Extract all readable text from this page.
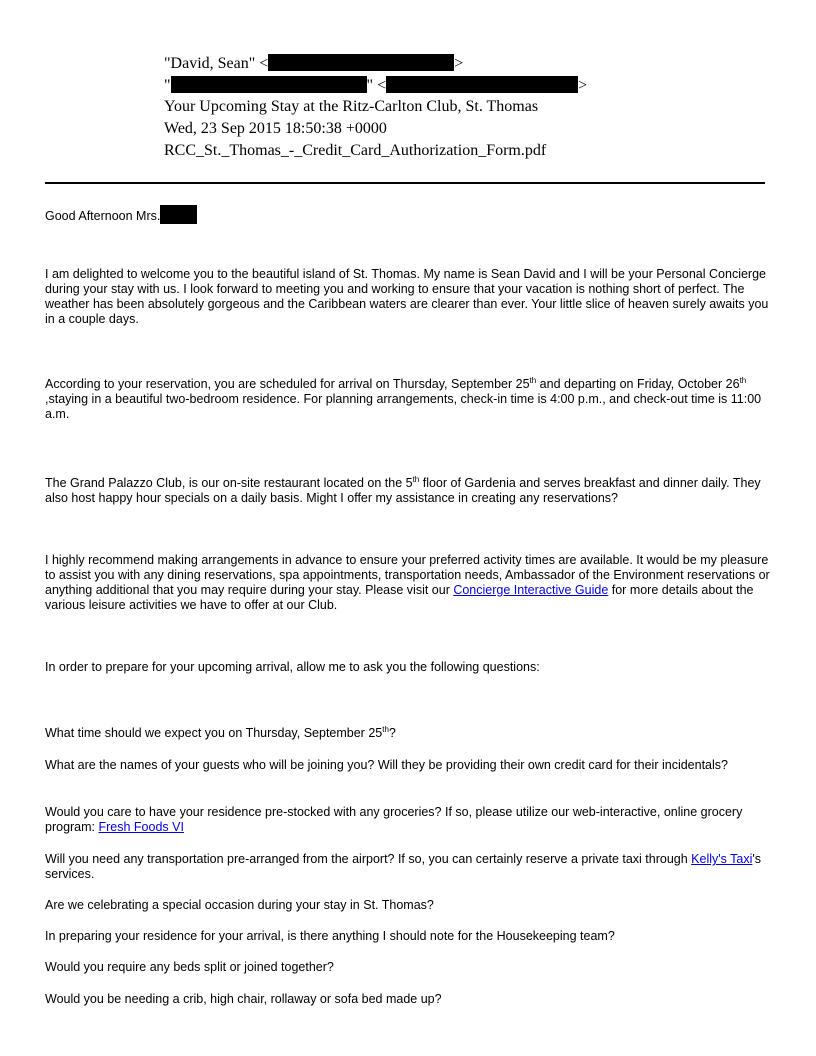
"David, Sean" <	>
"	" <	>
Your Upcoming Stay at the Ritz-Carlton Club, St. Thomas
Wed, 23 Sep 2015 18:50:38 +0000
RCC_St._Thomas_-_Credit_Card_Authorization_Form.pdf
Good Afternoon Mrs.
I am delighted to welcome you to the beautiful island of St. Thomas. My name is Sean David and I will be your Personal Concierge during your stay with us. I look forward to meeting you and working to ensure that your vacation is nothing short of perfect. The weather has been absolutely gorgeous and the Caribbean waters are clearer than ever. Your little slice of heaven surely awaits you in a couple days.
According to your reservation, you are scheduled for arrival on Thursday, September 25th and departing on Friday, October 26th ,staying in a beautiful two-bedroom residence. For planning arrangements, check-in time is 4:00 p.m., and check-out time is 11:00 a.m.
The Grand Palazzo Club, is our on-site restaurant located on the 5th floor of Gardenia and serves breakfast and dinner daily. They also host happy hour specials on a daily basis. Might I offer my assistance in creating any reservations?
I highly recommend making arrangements in advance to ensure your preferred activity times are available. It would be my pleasure to assist you with any dining reservations, spa appointments, transportation needs, Ambassador of the Environment reservations or anything additional that you may require during your stay. Please visit our Concierge Interactive Guide for more details about the various leisure activities we have to offer at our Club.
In order to prepare for your upcoming arrival, allow me to ask you the following questions:
What time should we expect you on Thursday, September 25th?
What are the names of your guests who will be joining you? Will they be providing their own credit card for their incidentals?
Would you care to have your residence pre-stocked with any groceries? If so, please utilize our web-interactive, online grocery program: Fresh Foods VI
Will you need any transportation pre-arranged from the airport? If so, you can certainly reserve a private taxi through Kelly's Taxi's services.
Are we celebrating a special occasion during your stay in St. Thomas?
In preparing your residence for your arrival, is there anything I should note for the Housekeeping team?
Would you require any beds split or joined together?
Would you be needing a crib, high chair, rollaway or sofa bed made up?
